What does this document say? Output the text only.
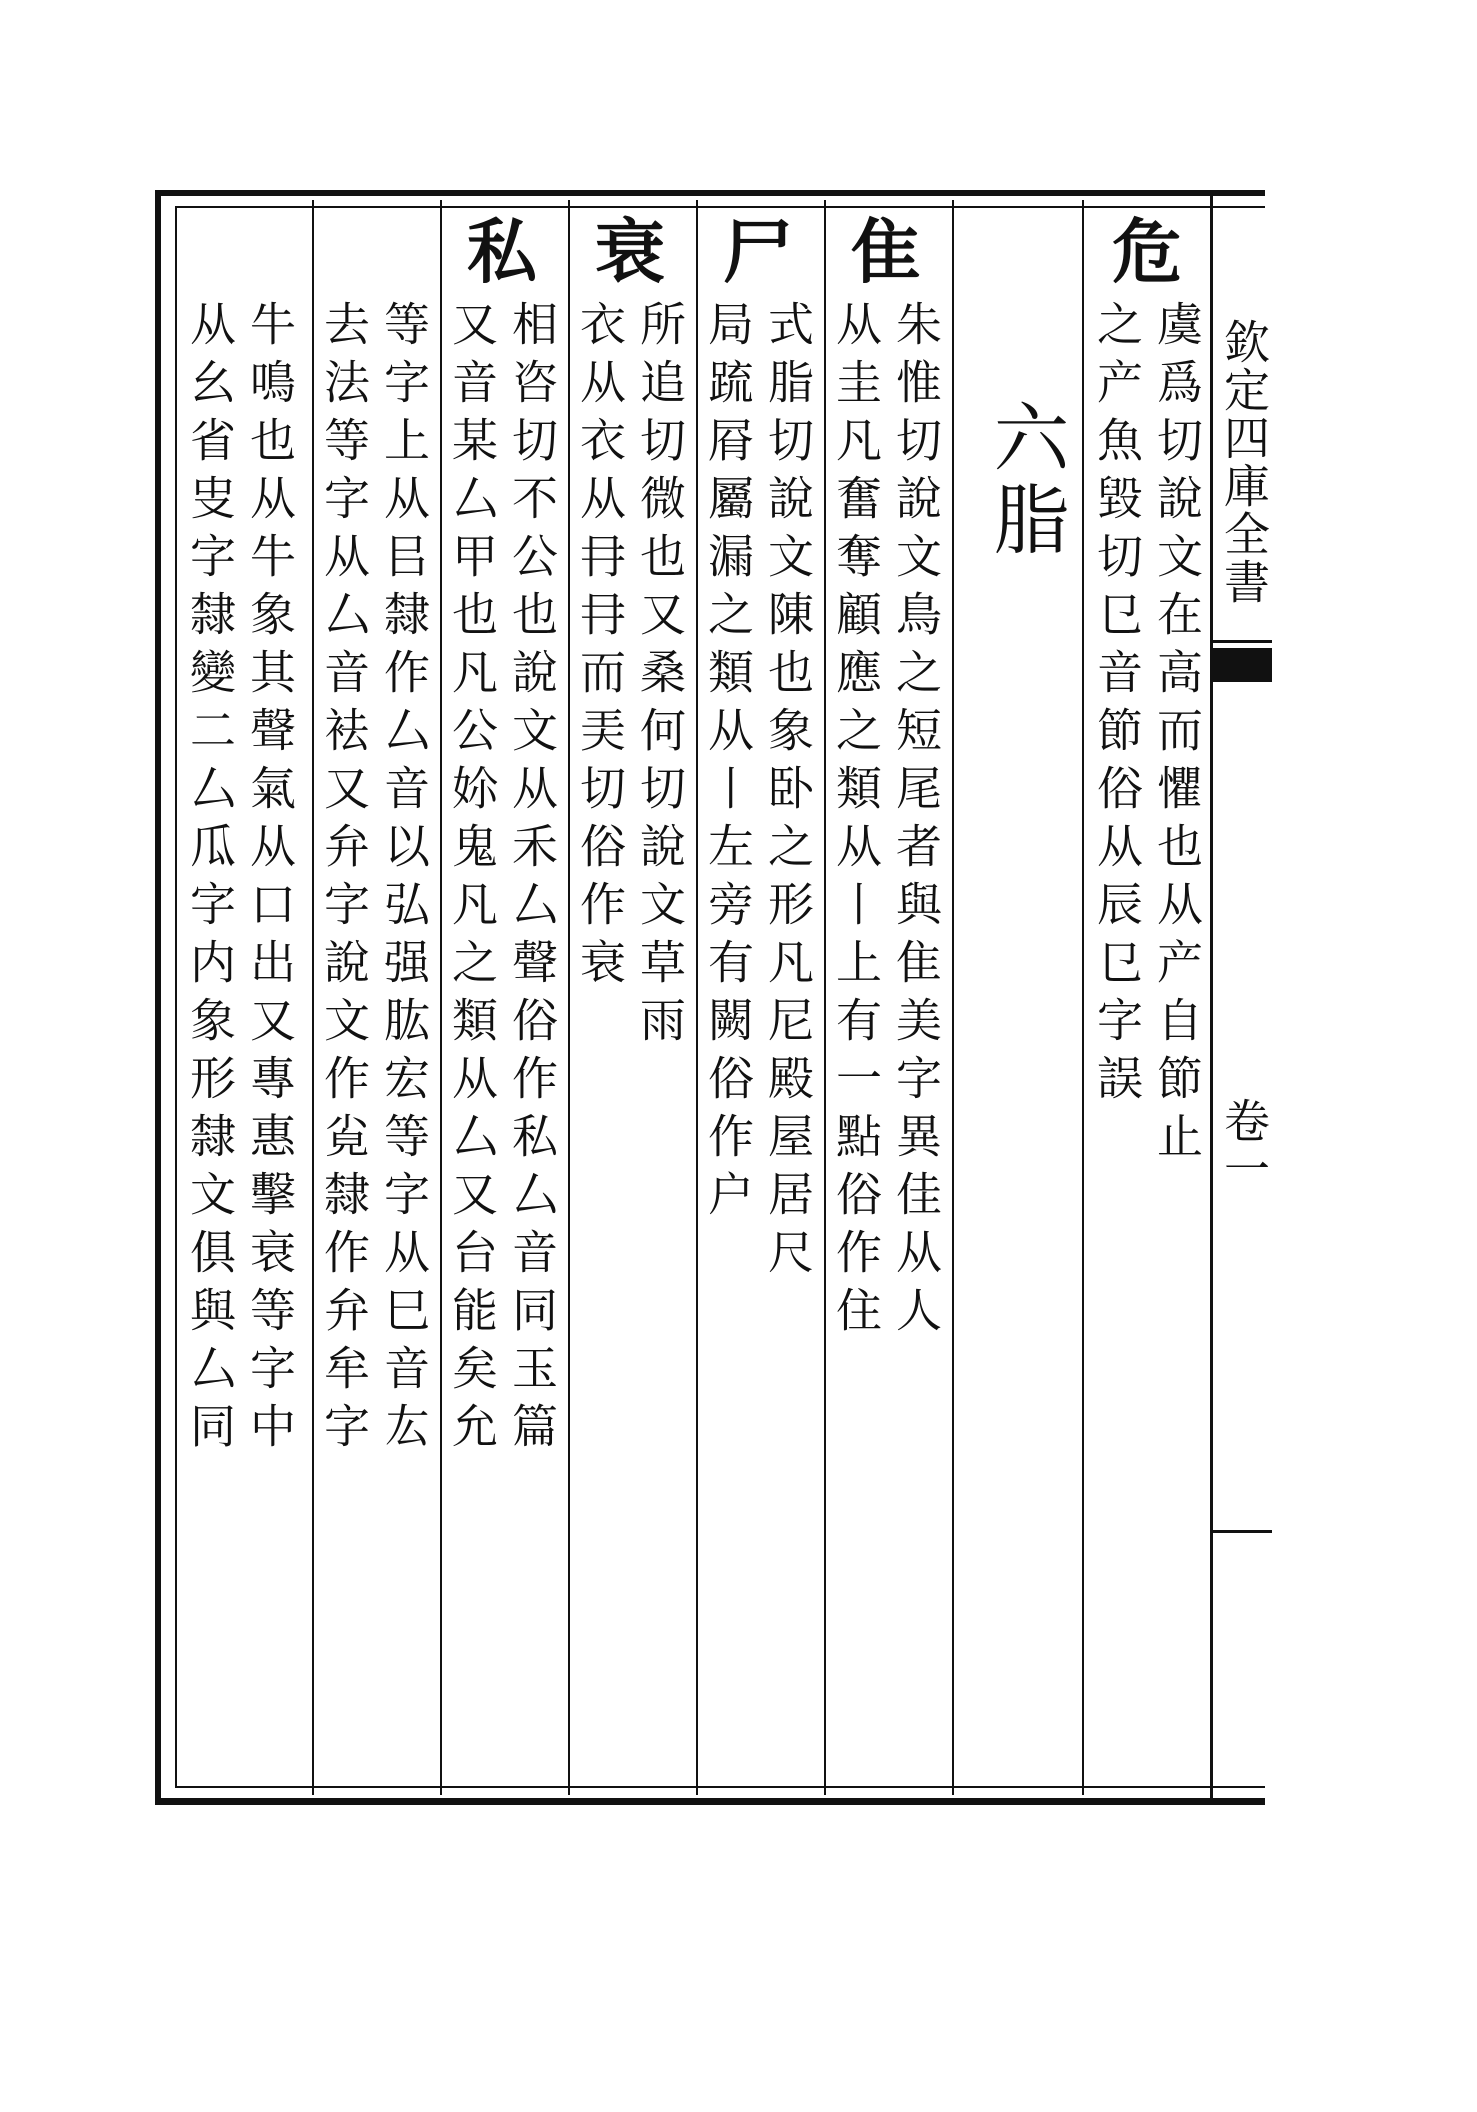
欽定四庫全書
卷一
危
虞爲切說文在高而懼也从产自節止
之产魚毀切㔾音節俗从辰㔾字誤
六脂
隹
朱惟切說文鳥之短尾者與隹美字異佳从人
从圭凡奮奪顧應之類从丨上有一點俗作住
尸
式脂切說文陳也象卧之形凡尼殿屋居尺
局䟽㞕屬漏之類从丨左旁有闕俗作户
衰
所追切微也又桑何切說文草雨
衣从衣从冄冄而㺯切俗作衰
私
相咨切不公也說文从禾厶聲俗作私厶音同玉篇
又音某厶甲也凡公㚷鬼凡之類从厶又台能矣允
等字上从㠯隸作厶音以弘强肱宏等字从巳音厷
去法等字从厶音袪又弁字說文作㝸隸作弁牟字
牛鳴也从牛象其聲氣从口出又專惠擊衰等字中
从幺省㕜字隸變二厶瓜字内象形隸文俱與厶同
